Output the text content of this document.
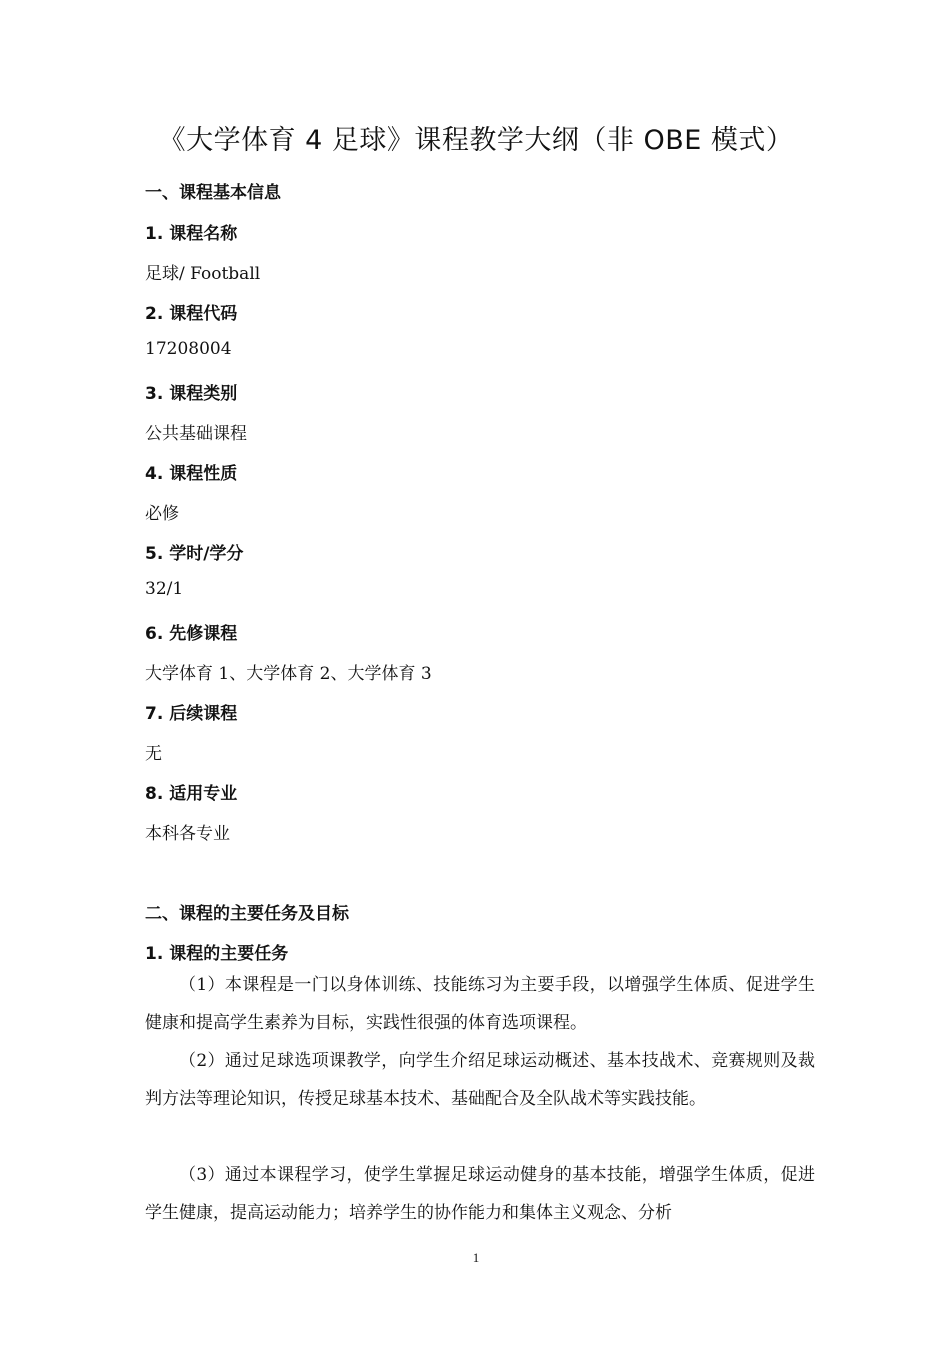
《大学体育 4 足球》课程教学大纲（非 OBE 模式）
一、课程基本信息
1. 课程名称

足球/ Football

2. 课程代码

17208004

3. 课程类别

公共基础课程

4. 课程性质

必修

5. 学时/学分

32/1

6. 先修课程

大学体育 1、大学体育 2、大学体育 3

7. 后续课程

无

8. 适用专业

本科各专业

二、课程的主要任务及目标
1. 课程的主要任务

（1）本课程是一门以身体训练、技能练习为主要手段，以增强学生体质、促进学生健康和提高学生素养为目标，实践性很强的体育选项课程。

（2）通过足球选项课教学，向学生介绍足球运动概述、基本技战术、竞赛规则及裁判方法等理论知识，传授足球基本技术、基础配合及全队战术等实践技能。

（3）通过本课程学习，使学生掌握足球运动健身的基本技能，增强学生体质，促进学生健康，提高运动能力；培养学生的协作能力和集体主义观念、分析

1
